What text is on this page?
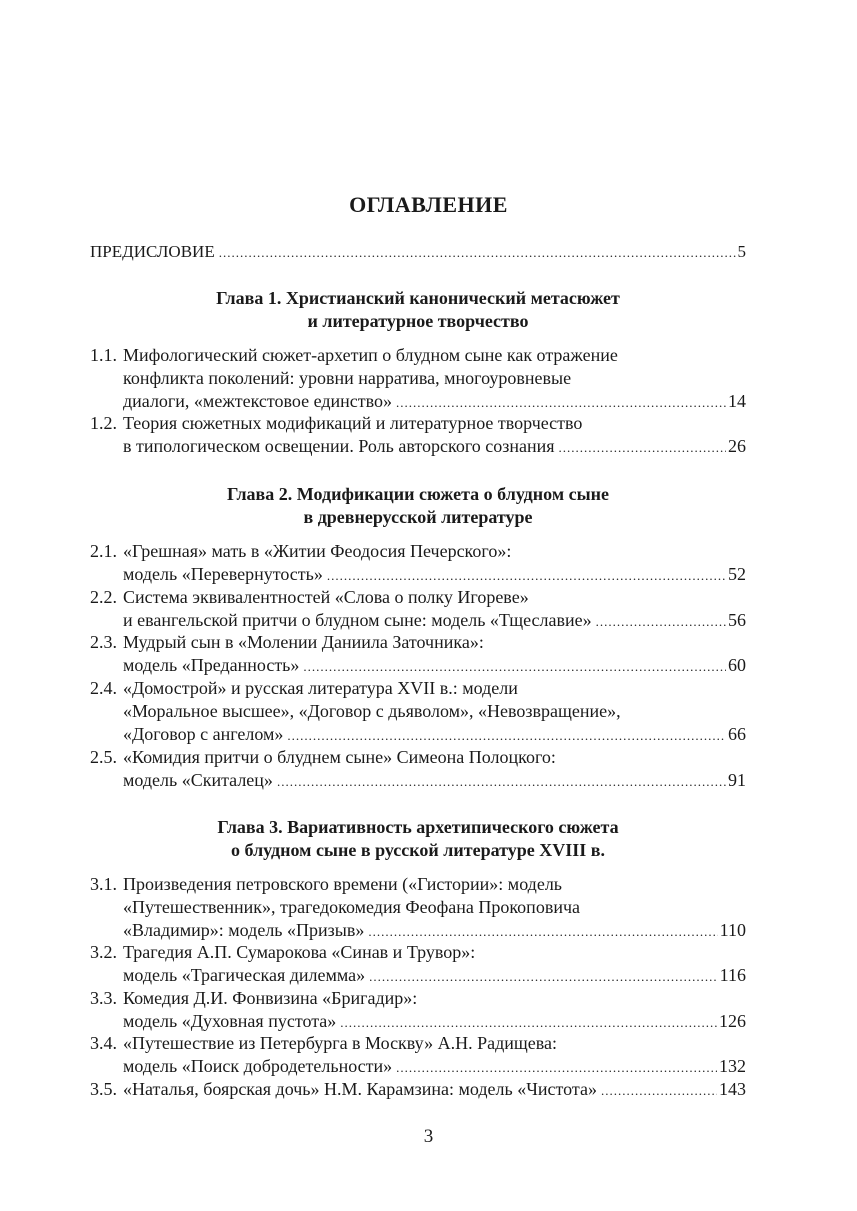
ОГЛАВЛЕНИЕ
ПРЕДИСЛОВИЕ .....	5
Глава 1. Христианский канонический метасюжет
и литературное творчество
1.1. Мифологический сюжет-архетип о блудном сыне как отражение
конфликта поколений: уровни нарратива, многоуровневые
диалоги, «межтекстовое единство» .....	14
1.2. Теория сюжетных модификаций и литературное творчество
в типологическом освещении. Роль авторского сознания .....	26
Глава 2. Модификации сюжета о блудном сыне
в древнерусской литературе
2.1. «Грешная» мать в «Житии Феодосия Печерского»:
модель «Перевернутость» .....	52
2.2. Система эквивалентностей «Слова о полку Игореве»
и евангельской притчи о блудном сыне: модель «Тщеславие» .....	56
2.3. Мудрый сын в «Молении Даниила Заточника»:
модель «Преданность» .....	60
2.4. «Домострой» и русская литература XVII в.: модели
«Моральное высшее», «Договор с дьяволом», «Невозвращение»,
«Договор с ангелом» .....	66
2.5. «Комидия притчи о блуднем сыне» Симеона Полоцкого:
модель «Скиталец» .....	91
Глава 3. Вариативность архетипического сюжета
о блудном сыне в русской литературе XVIII в.
3.1. Произведения петровского времени («Гистории»: модель
«Путешественник», трагедокомедия Феофана Прокоповича
«Владимир»: модель «Призыв» .....	110
3.2. Трагедия А.П. Сумарокова «Синав и Трувор»:
модель «Трагическая дилемма» .....	116
3.3. Комедия Д.И. Фонвизина «Бригадир»:
модель «Духовная пустота» .....	126
3.4. «Путешествие из Петербурга в Москву» А.Н. Радищева:
модель «Поиск добродетельности» .....	132
3.5. «Наталья, боярская дочь» Н.М. Карамзина: модель «Чистота» .....	143
3
